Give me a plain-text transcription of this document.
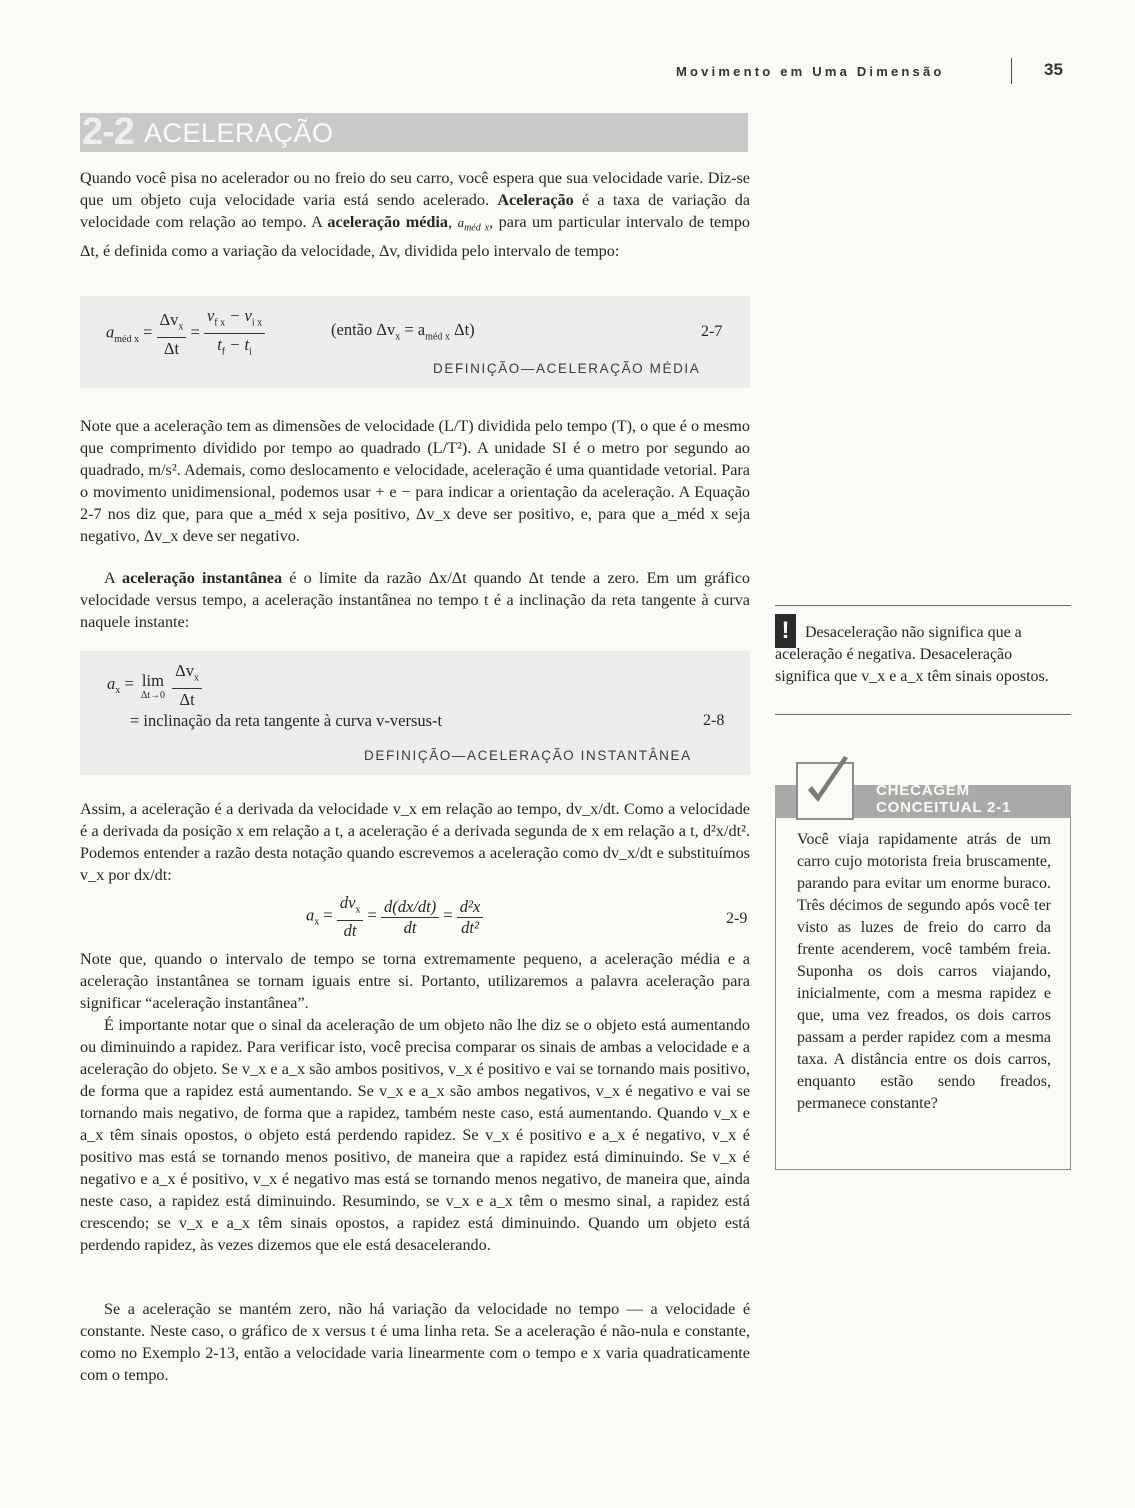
Movimento em Uma Dimensão	35
2-2 ACELERAÇÃO

Quando você pisa no acelerador ou no freio do seu carro, você espera que sua velocidade varie. Diz-se que um objeto cuja velocidade varia está sendo acelerado. Aceleração é a taxa de variação da velocidade com relação ao tempo. A aceleração média, $a_{méd x}$, para um particular intervalo de tempo Δt, é definida como a variação da velocidade, Δv, dividida pelo intervalo de tempo:

$a_{méd x} = \frac{\Delta v_x}{\Delta t} = \frac{v_{f x} - v_{i x}}{t_f - t_i}$	(então $\Delta v_x = a_{méd x}$ Δt)	2-7
DEFINIÇÃO—ACELERAÇÃO MÉDIA

Note que a aceleração tem as dimensões de velocidade (L/T) dividida pelo tempo (T), o que é o mesmo que comprimento dividido por tempo ao quadrado (L/T²). A unidade SI é o metro por segundo ao quadrado, m/s². Ademais, como deslocamento e velocidade, aceleração é uma quantidade vetorial. Para o movimento unidimensional, podemos usar + e − para indicar a orientação da aceleração. A Equação 2-7 nos diz que, para que a_méd x seja positivo, Δv_x deve ser positivo, e, para que a_méd x seja negativo, Δv_x deve ser negativo.

A aceleração instantânea é o limite da razão Δx/Δt quando Δt tende a zero. Em um gráfico velocidade versus tempo, a aceleração instantânea no tempo t é a inclinação da reta tangente à curva naquele instante:

$a_x = \lim$
Δt→0
$\frac{\Delta v_x}{\Delta t}$
= inclinação da reta tangente à curva v-versus-t	2-8
DEFINIÇÃO—ACELERAÇÃO INSTANTÂNEA

Assim, a aceleração é a derivada da velocidade v_x em relação ao tempo, dv_x/dt. Como a velocidade é a derivada da posição x em relação a t, a aceleração é a derivada segunda de x em relação a t, d²x/dt². Podemos entender a razão desta notação quando escrevemos a aceleração como dv_x/dt e substituímos v_x por dx/dt:

$a_x = \frac{dv_x}{dt} = \frac{d(dx/dt)}{dt} = \frac{\text{d²x}}{\text{dt²}}$	2-9

Note que, quando o intervalo de tempo se torna extremamente pequeno, a aceleração média e a aceleração instantânea se tornam iguais entre si. Portanto, utilizaremos a palavra aceleração para significar “aceleração instantânea”.

É importante notar que o sinal da aceleração de um objeto não lhe diz se o objeto está aumentando ou diminuindo a rapidez. Para verificar isto, você precisa comparar os sinais de ambas a velocidade e a aceleração do objeto. Se v_x e a_x são ambos positivos, v_x é positivo e vai se tornando mais positivo, de forma que a rapidez está aumentando. Se v_x e a_x são ambos negativos, v_x é negativo e vai se tornando mais negativo, de forma que a rapidez, também neste caso, está aumentando. Quando v_x e a_x têm sinais opostos, o objeto está perdendo rapidez. Se v_x é positivo e a_x é negativo, v_x é positivo mas está se tornando menos positivo, de maneira que a rapidez está diminuindo. Se v_x é negativo e a_x é positivo, v_x é negativo mas está se tornando menos negativo, de maneira que, ainda neste caso, a rapidez está diminuindo. Resumindo, se v_x e a_x têm o mesmo sinal, a rapidez está crescendo; se v_x e a_x têm sinais opostos, a rapidez está diminuindo. Quando um objeto está perdendo rapidez, às vezes dizemos que ele está desacelerando.

Se a aceleração se mantém zero, não há variação da velocidade no tempo — a velocidade é constante. Neste caso, o gráfico de x versus t é uma linha reta. Se a aceleração é não-nula e constante, como no Exemplo 2-13, então a velocidade varia linearmente com o tempo e x varia quadraticamente com o tempo.

! Desaceleração não significa que a aceleração é negativa. Desaceleração significa que v_x e a_x têm sinais opostos.
CHECAGEM
CONCEITUAL 2-1
Você viaja rapidamente atrás de um carro cujo motorista freia bruscamente, parando para evitar um enorme buraco. Três décimos de segundo após você ter visto as luzes de freio do carro da frente acenderem, você também freia. Suponha os dois carros viajando, inicialmente, com a mesma rapidez e que, uma vez freados, os dois carros passam a perder rapidez com a mesma taxa. A distância entre os dois carros, enquanto estão sendo freados, permanece constante?
